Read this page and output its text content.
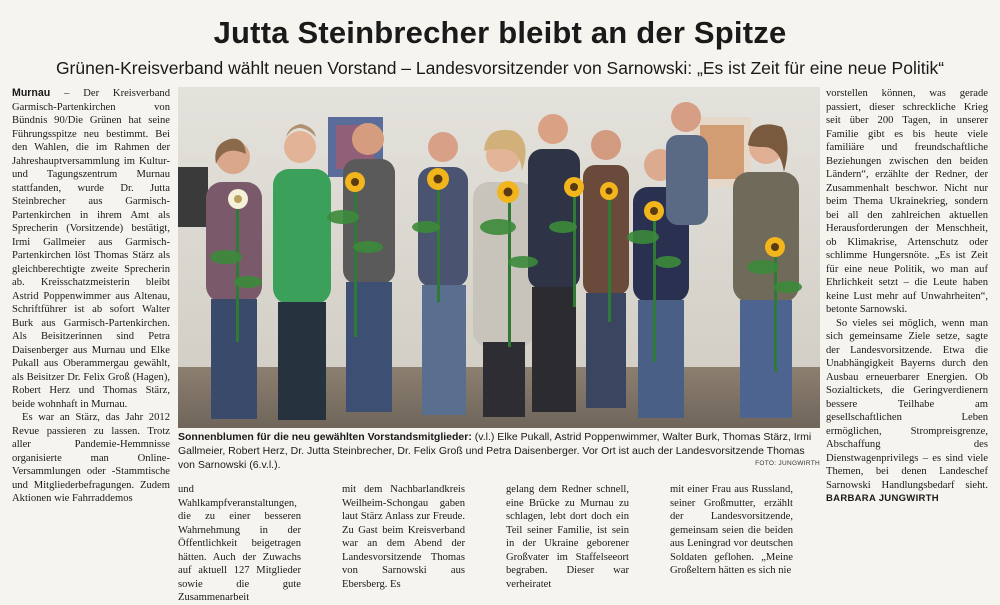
Jutta Steinbrecher bleibt an der Spitze
Grünen-Kreisverband wählt neuen Vorstand – Landesvorsitzender von Sarnowski: „Es ist Zeit für eine neue Politik“

Murnau – Der Kreisverband Garmisch-Partenkirchen von Bündnis 90/Die Grünen hat seine Führungsspitze neu bestimmt. Bei den Wahlen, die im Rahmen der Jahreshauptversammlung im Kultur- und Tagungszentrum Murnau stattfanden, wurde Dr. Jutta Steinbrecher aus Garmisch-Partenkirchen in ihrem Amt als Sprecherin (Vorsitzende) bestätigt, Irmi Gallmeier aus Garmisch-Partenkirchen löst Thomas Stärz als gleichberechtigte zweite Sprecherin ab. Kreisschatzmeisterin bleibt Astrid Poppenwimmer aus Altenau, Schriftführer ist ab sofort Walter Burk aus Garmisch-Partenkirchen. Als Beisitzerinnen sind Petra Daisenberger aus Murnau und Elke Pukall aus Oberammergau gewählt, als Beisitzer Dr. Felix Groß (Hagen), Robert Herz und Thomas Stärz, beide wohnhaft in Murnau.

Es war an Stärz, das Jahr 2012 Revue passieren zu lassen. Trotz aller Pandemie-Hemmnisse organisierte man Online-Versammlungen oder -Stammtische und Mitgliederbefragungen. Zudem Aktionen wie Fahrraddemos

Sonnenblumen für die neu gewählten Vorstandsmitglieder: (v.l.) Elke Pukall, Astrid Poppenwimmer, Walter Burk, Thomas Stärz, Irmi Gallmeier, Robert Herz, Dr. Jutta Steinbrecher, Dr. Felix Groß und Petra Daisenberger. Vor Ort ist auch der Landesvorsitzende Thomas von Sarnowski (6.v.l.).	FOTO: JUNGWIRTH

und Wahlkampfveranstaltungen, die zu einer besseren Wahrnehmung in der Öffentlichkeit beigetragen hätten. Auch der Zuwachs auf aktuell 127 Mitglieder sowie die gute Zusammenarbeit

mit dem Nachbarlandkreis Weilheim-Schongau gaben laut Stärz Anlass zur Freude. Zu Gast beim Kreisverband war an dem Abend der Landesvorsitzende Thomas von Sarnowski aus Ebersberg. Es

gelang dem Redner schnell, eine Brücke zu Murnau zu schlagen, lebt dort doch ein Teil seiner Familie, ist sein in der Ukraine geborener Großvater im Staffelseeort begraben. Dieser war verheiratet

mit einer Frau aus Russland, seiner Großmutter, erzählt der Landesvorsitzende, gemeinsam seien die beiden aus Leningrad vor deutschen Soldaten geflohen. „Meine Großeltern hätten es sich nie

vorstellen können, was gerade passiert, dieser schreckliche Krieg seit über 200 Tagen, in unserer Familie gibt es bis heute viele familiäre und freundschaftliche Beziehungen zwischen den beiden Ländern“, erzählte der Redner, der Zusammenhalt beschwor. Nicht nur beim Thema Ukrainekrieg, sondern bei all den zahlreichen aktuellen Herausforderungen der Menschheit, ob Klimakrise, Artenschutz oder schlimme Hungersnöte. „Es ist Zeit für eine neue Politik, wo man auf Ehrlichkeit setzt – die Leute haben keine Lust mehr auf Unwahrheiten“, betonte Sarnowski.

So vieles sei möglich, wenn man sich gemeinsame Ziele setze, sagte der Landesvorsitzende. Etwa die Unabhängigkeit Bayerns durch den Ausbau erneuerbarer Energien. Ob Sozialtickets, die Geringverdienern bessere Teilhabe am gesellschaftlichen Leben ermöglichen, Strompreisgrenze, Abschaffung des Dienstwagenprivilegs – es sind viele Themen, bei denen Landeschef Sarnowski Handlungsbedarf sieht. BARBARA JUNGWIRTH
